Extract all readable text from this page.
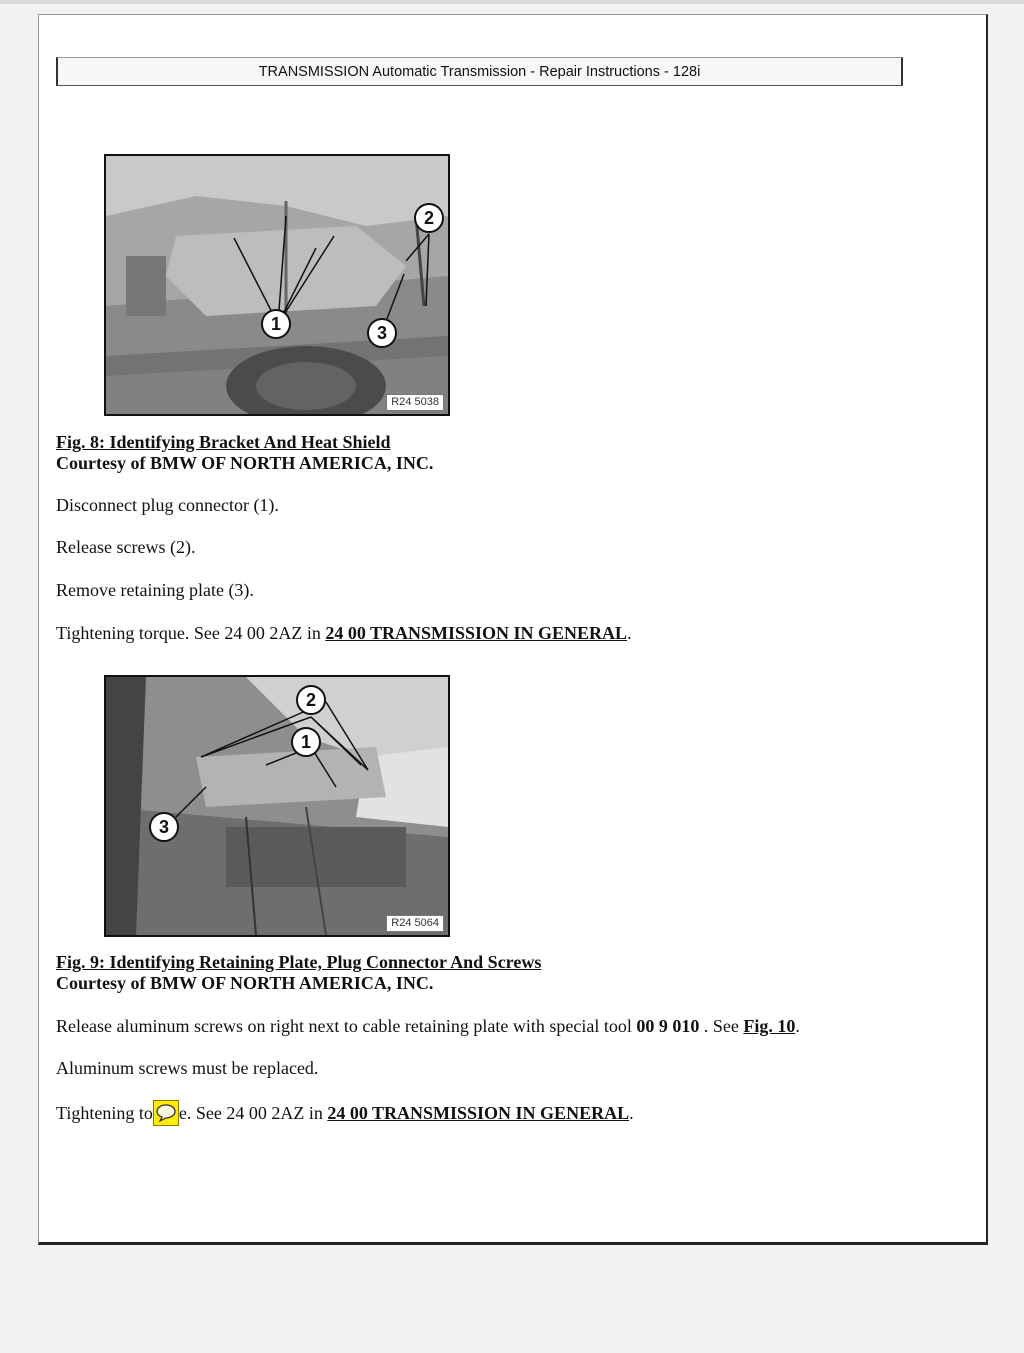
TRANSMISSION Automatic Transmission - Repair Instructions - 128i
1
2
3
R24 5038
Fig. 8: Identifying Bracket And Heat Shield
Courtesy of BMW OF NORTH AMERICA, INC.
Disconnect plug connector (1).
Release screws (2).
Remove retaining plate (3).
Tightening torque. See 24 00 2AZ in 24 00 TRANSMISSION IN GENERAL.
2
1
3
R24 5064
Fig. 9: Identifying Retaining Plate, Plug Connector And Screws
Courtesy of BMW OF NORTH AMERICA, INC.
Release aluminum screws on right next to cable retaining plate with special tool 00 9 010 . See Fig. 10.
Aluminum screws must be replaced.
Tightening to e. See 24 00 2AZ in 24 00 TRANSMISSION IN GENERAL.
